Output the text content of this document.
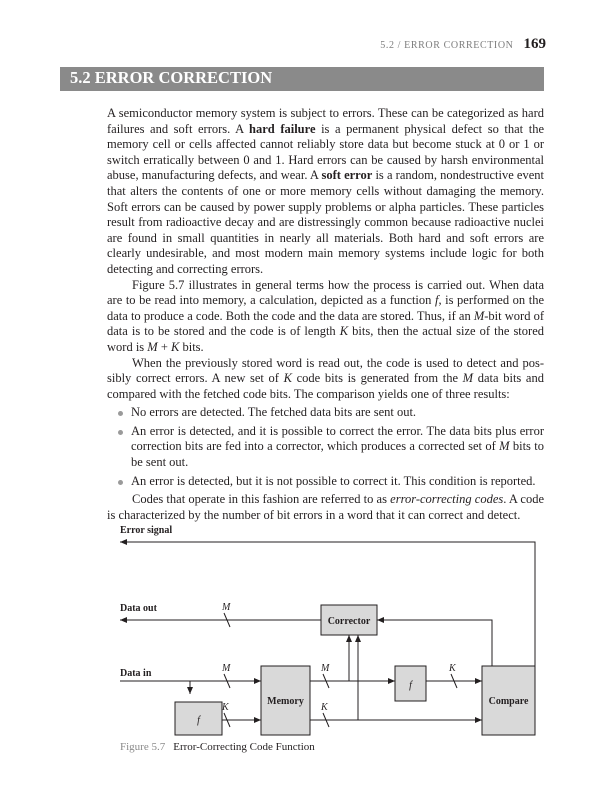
5.2 / ERROR CORRECTION 169
5.2 ERROR CORRECTION

A semiconductor memory system is subject to errors. These can be categorized as hard failures and soft errors. A hard failure is a permanent physical defect so that the memory cell or cells affected cannot reliably store data but become stuck at 0 or 1 or switch erratically between 0 and 1. Hard errors can be caused by harsh environmental abuse, manufacturing defects, and wear. A soft error is a random, nondestructive event that alters the contents of one or more memory cells without damaging the memory. Soft errors can be caused by power supply problems or alpha particles. These particles result from radioactive decay and are distressingly common because radioactive nuclei are found in small quantities in nearly all materials. Both hard and soft errors are clearly undesirable, and most modern main memory systems include logic for both detecting and correcting errors.

Figure 5.7 illustrates in general terms how the process is carried out. When data are to be read into memory, a calculation, depicted as a function f, is performed on the data to produce a code. Both the code and the data are stored. Thus, if an M-bit word of data is to be stored and the code is of length K bits, then the actual size of the stored word is M + K bits.

When the previously stored word is read out, the code is used to detect and possibly correct errors. A new set of K code bits is generated from the M data bits and compared with the fetched code bits. The comparison yields one of three results:

No errors are detected. The fetched data bits are sent out.
An error is detected, and it is possible to correct the error. The data bits plus error correction bits are fed into a corrector, which produces a corrected set of M bits to be sent out.
An error is detected, but it is not possible to correct it. This condition is reported.

Codes that operate in this fashion are referred to as error-correcting codes. A code is characterized by the number of bit errors in a word that it can correct and detect.

Error signal
Data out
Data in
Corrector
Memory	Compare
f
f
M
M
K
M
K
K
Figure 5.7 Error-Correcting Code Function
